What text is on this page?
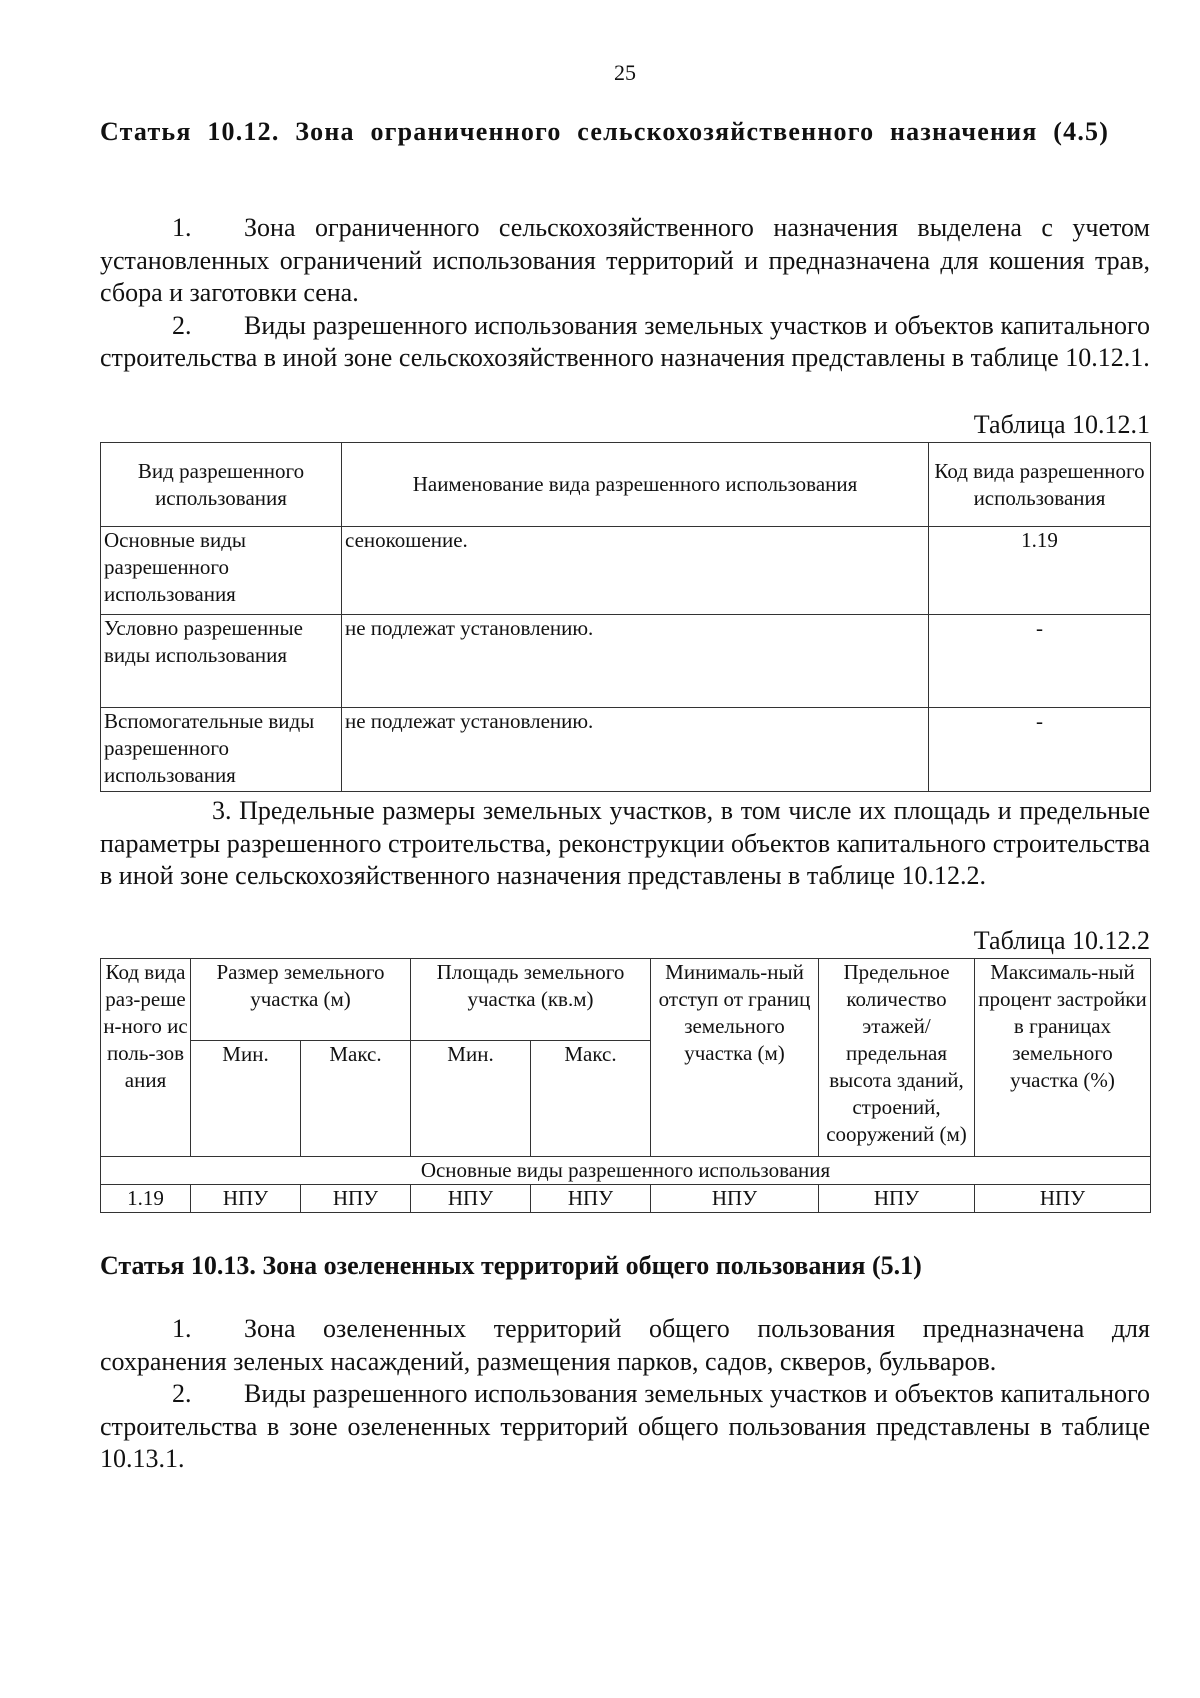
25
Статья 10.12. Зона ограниченного сельскохозяйственного назначения (4.5)

1. Зона ограниченного сельскохозяйственного назначения выделена с учетом установленных ограничений использования территорий и предназначена для кошения трав, сбора и заготовки сена.

2. Виды разрешенного использования земельных участков и объектов капитального строительства в иной зоне сельскохозяйственного назначения представлены в таблице 10.12.1.

Таблица 10.12.1
Вид разрешенного использования	Наименование вида разрешенного использования	Код вида разрешенного использования
Основные виды разрешенного использования	сенокошение.	1.19
Условно разрешенные виды использования	не подлежат установлению.	-
Вспомогательные виды разрешенного использования	не подлежат установлению.	-

3. Предельные размеры земельных участков, в том числе их площадь и предельные параметры разрешенного строительства, реконструкции объектов капитального строительства в иной зоне сельскохозяйственного назначения представлены в таблице 10.12.2.

Таблица 10.12.2
Код вида раз-решен-ного исполь-зования	Размер земельного участка (м)		Площадь земельного участка (кв.м)		Минималь-ный отступ от границ земельного участка (м)	Предельное количество этажей/ предельная высота зданий, строений, сооружений (м)	Максималь-ный процент застройки в границах земельного участка (%)
	Мин.	Макс.	Мин.	Макс.			
Основные виды разрешенного использования							
1.19	НПУ	НПУ	НПУ	НПУ	НПУ	НПУ	НПУ
Статья 10.13. Зона озелененных территорий общего пользования (5.1)

1. Зона озелененных территорий общего пользования предназначена для сохранения зеленых насаждений, размещения парков, садов, скверов, бульваров.

2. Виды разрешенного использования земельных участков и объектов капитального строительства в зоне озелененных территорий общего пользования представлены в таблице 10.13.1.
